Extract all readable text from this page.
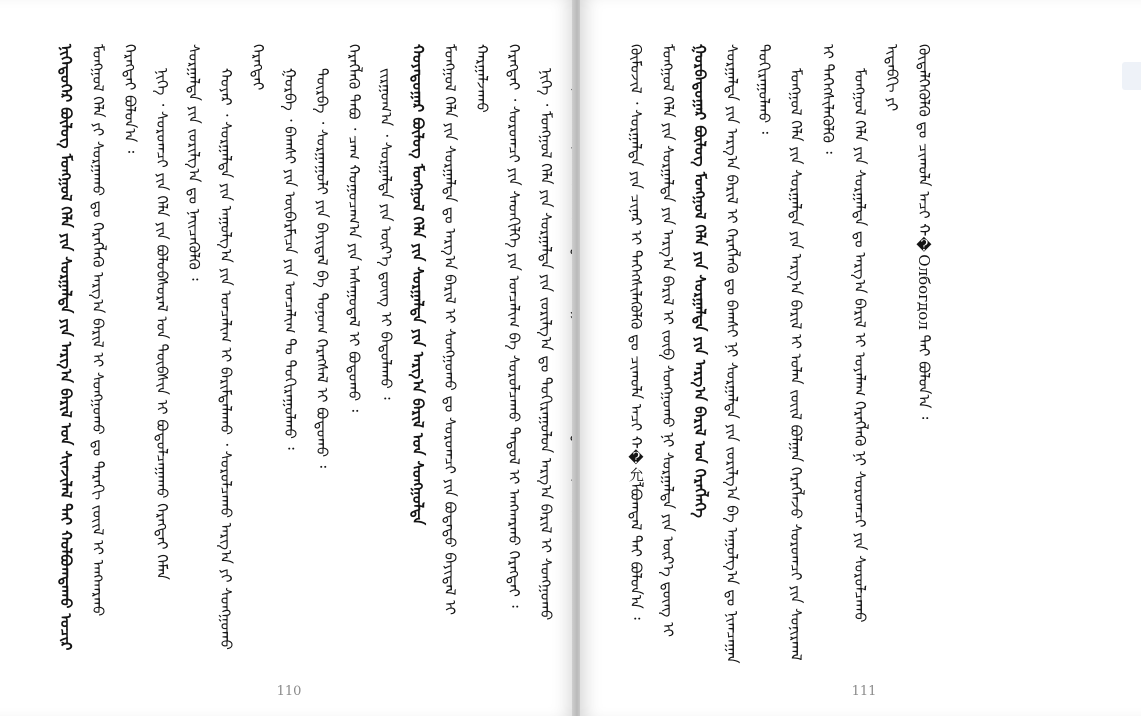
ᠨᠢᠭᠡᠳᠦᠭᠡᠷ ᠪᠦᠯᠦᠭ ᠮᠣᠩᠭᠣᠯ ᠬᠡᠯᠡ ᠶᠢᠨ ᠰᠤᠷᠭᠠᠯᠳᠠ ᠶᠢᠨ ᠠᠷᠭ᠎ᠠ ᠪᠠᠷᠢᠯ ᠤᠨ ᠰᠢᠨᠵᠢᠯᠡᠯ ᠲᠡᠢ ᠬᠣᠯᠪᠣᠭᠳᠠᠬᠤ ᠤᠴᠢᠷ ᠮᠣᠩᠭᠣᠯ ᠬᠡᠯᠡ ᠶᠢ ᠰᠤᠷᠭᠠᠬᠤ ᠳᠤ ᠬᠡᠷᠡᠭᠯᠡᠬᠦ ᠠᠷᠭ᠎ᠠ ᠪᠠᠷᠢᠯ ᠢ ᠰᠣᠩᠭᠣᠬᠤ ᠳᠤ ᠳᠠᠷᠠᠬᠢ ᠵᠦᠢᠯ ᠢ ᠠᠩᠬᠠᠷᠬᠤ ᠬᠡᠷᠡᠭᠲᠡᠢ ᠪᠣᠯᠤᠨ᠎ᠠ ᠄ ᠨᠢᠭᠡ ᠂ ᠰᠤᠷᠤᠭᠴᠢ ᠶᠢᠨ ᠬᠡᠯᠡ ᠶᠢᠨ ᠪᠣᠯᠤᠪᠰᠤᠷᠠᠯ ᠤᠨ ᠲᠦᠪᠰᠢᠨ ᠢ ᠪᠣᠳᠣᠯᠴᠠᠭᠠᠬᠤ ᠬᠡᠷᠡᠭᠲᠡᠢ ᠬᠡᠮᠡᠨ ᠰᠤᠷᠭᠠᠯᠳᠠ ᠶᠢᠨ ᠵᠣᠷᠢᠯᠭ᠎ᠠ ᠳᠤ ᠨᠡᠢᠴᠡᠭᠦᠯᠬᠦ ᠄ ᠬᠣᠶᠠᠷ ᠂ ᠰᠤᠷᠭᠠᠯᠳᠠ ᠶᠢᠨ ᠠᠭᠤᠯᠭ᠎ᠠ ᠶᠢᠨ ᠣᠨᠴᠠᠯᠢᠭ ᠢ ᠪᠠᠷᠢᠮᠲᠠᠯᠠᠬᠤ ᠂ ᠰᠤᠷᠤᠯᠴᠠᠬᠤ ᠠᠷᠭ᠎ᠠ ᠶᠢ ᠰᠣᠩᠭᠣᠬᠤ ᠬᠡᠷᠡᠭᠲᠡᠢ
ᠭᠤᠷᠪᠠ ᠂ ᠪᠠᠭᠰᠢ ᠶᠢᠨ ᠦᠪᠡᠷᠮᠢᠴᠡ ᠶᠢᠨ ᠣᠨᠴᠠᠯᠢᠭ ᠲᠤ ᠲᠣᠬᠢᠷᠠᠭᠤᠯᠬᠤ ᠄ ᠳᠦᠷᠪᠡ ᠂ ᠰᠤᠷᠭᠠᠭᠤᠯᠢ ᠶᠢᠨ ᠪᠠᠶᠢᠳᠠᠯ ᠪᠠ ᠲᠣᠨᠣᠭ ᠬᠡᠷᠡᠭᠰᠡᠯ ᠢ ᠪᠣᠳᠣᠬᠤ ᠄ ᠬᠡᠷᠡᠭᠯᠡᠬᠦ ᠲᠠᠪᠤ ᠂ ᠴᠠᠭ ᠬᠤᠭᠤᠴᠠᠭ᠎ᠠ ᠶᠢᠨ ᠠᠰᠠᠭᠤᠳᠠᠯ ᠢ ᠪᠣᠳᠣᠬᠤ ᠄ ᠵᠢᠷᠭᠤᠭ᠎ᠠ ᠂ ᠰᠤᠷᠭᠠᠯᠳᠠ ᠶᠢᠨ ᠦᠷ᠎ᠡ ᠳ᠋ᠦᠩ ᠢ ᠪᠠᠲᠤᠯᠠᠬᠤ ᠄ ᠬᠣᠶᠠᠳᠤᠭᠠᠷ ᠪᠦᠯᠦᠭ ᠮᠣᠩᠭᠣᠯ ᠬᠡᠯᠡ ᠶᠢᠨ ᠰᠤᠷᠭᠠᠯᠳᠠ ᠶᠢᠨ ᠠᠷᠭ᠎ᠠ ᠪᠠᠷᠢᠯ ᠤᠨ ᠰᠣᠩᠭᠣᠯᠲᠠ ᠮᠣᠩᠭᠣᠯ ᠬᠡᠯᠡ ᠶᠢᠨ ᠰᠤᠷᠭᠠᠯᠳᠠ ᠳᠤ ᠠᠷᠭ᠎ᠠ ᠪᠠᠷᠢᠯ ᠢ ᠰᠣᠩᠭᠣᠬᠤ ᠳᠤ ᠰᠤᠷᠤᠭᠴᠢ ᠶᠢᠨ ᠪᠣᠳᠠᠲᠤ ᠪᠠᠶᠢᠳᠠᠯ ᠢ ᠬᠠᠷᠭᠠᠯᠵᠠᠬᠤ ᠬᠡᠷᠡᠭᠲᠡᠢ ᠂ ᠰᠤᠷᠤᠭᠴᠢ ᠶᠢᠨ ᠰᠡᠳᠬᠢᠯᠭᠡ ᠶᠢᠨ ᠣᠨᠴᠠᠯᠢᠭ ᠪᠠ ᠰᠤᠷᠤᠯᠴᠠᠬᠤ ᠳᠠᠳᠤᠯ ᠢ ᠠᠩᠬᠠᠷᠬᠤ ᠬᠡᠷᠡᠭᠲᠡᠢ ᠄ ᠨᠢᠭᠡ ᠂ ᠮᠣᠩᠭᠣᠯ ᠬᠡᠯᠡ ᠶᠢᠨ ᠰᠤᠷᠭᠠᠯᠳᠠ ᠶᠢᠨ ᠵᠣᠷᠢᠯᠭ᠎ᠠ ᠳᠤ ᠲᠣᠬᠢᠷᠠᠭᠤᠯᠤᠨ ᠠᠷᠭ᠎ᠠ ᠪᠠᠷᠢᠯ ᠢ ᠰᠣᠩᠭᠣᠬᠤ
110
ᠬᠦᠮᠦᠵᠢᠯ ᠂ ᠰᠤᠷᠭᠠᠯᠳᠠ ᠶᠢᠨ ᠴᠢᠨᠠᠷ ᠢ ᠳᠡᠭᠡᠭᠰᠢᠯᠡᠭᠦᠯᠬᠦ ᠳᠤ ᠴᠢᠬᠤᠯᠠ ᠠᠴᠢ ᠬ�允ᠯᠪᠣᠭᠳᠠᠯ ᠲᠠᠢ ᠪᠣᠯᠤᠨ᠎ᠠ ᠄ ᠮᠣᠩᠭᠣᠯ ᠬᠡᠯᠡ ᠶᠢᠨ ᠰᠤᠷᠭᠠᠯᠳᠠ ᠶᠢᠨ ᠠᠷᠭ᠎ᠠ ᠪᠠᠷᠢᠯ ᠢ ᠵᠥᠪ ᠰᠣᠩᠭᠣᠬᠤ ᠨᠢ ᠰᠤᠷᠭᠠᠯᠳᠠ ᠶᠢᠨ ᠦᠷ᠎ᠡ ᠳ᠋ᠦᠩ ᠢ ᠭᠤᠷᠪᠠᠳᠤᠭᠠᠷ ᠪᠦᠯᠦᠭ ᠮᠣᠩᠭᠣᠯ ᠬᠡᠯᠡ ᠶᠢᠨ ᠰᠤᠷᠭᠠᠯᠳᠠ ᠶᠢᠨ ᠠᠷᠭ᠎ᠠ ᠪᠠᠷᠢᠯ ᠤᠨ ᠬᠡᠷᠡᠭᠯᠡᠭᠡ ᠰᠤᠷᠭᠠᠯᠳᠠ ᠶᠢᠨ ᠠᠷᠭ᠎ᠠ ᠪᠠᠷᠢᠯ ᠢ ᠬᠡᠷᠡᠭᠯᠡᠬᠦ ᠳᠤ ᠪᠠᠭᠰᠢ ᠨᠢ ᠰᠤᠷᠭᠠᠯᠳᠠ ᠶᠢᠨ ᠵᠣᠷᠢᠯᠭ᠎ᠠ ᠪᠠ ᠠᠭᠤᠯᠭ᠎ᠠ ᠳᠤ ᠨᠢᠭᠴᠠᠭᠠᠨ ᠲᠤᠬᠢᠷᠠᠭᠤᠯᠬᠤ ᠄ ᠮᠣᠩᠭᠣᠯ ᠬᠡᠯᠡ ᠶᠢᠨ ᠰᠤᠷᠭᠠᠯᠳᠠ ᠶᠢᠨ ᠠᠷᠭ᠎ᠠ ᠪᠠᠷᠢᠯ ᠢ ᠣᠯᠠᠨ ᠵᠦᠢᠯ ᠪᠣᠯᠭᠠᠨ ᠬᠡᠷᠡᠭᠯᠡᠵᠦ ᠰᠤᠷᠤᠭᠴᠢ ᠶᠢᠨ ᠰᠣᠨᠢᠷᠬᠠᠯ ᠢ ᠳᠡᠭᠡᠭᠰᠢᠯᠡᠭᠦᠯᠬᠦ ᠄ ᠮᠣᠩᠭᠣᠯ ᠬᠡᠯᠡ ᠶᠢᠨ ᠰᠤᠷᠭᠠᠯᠳᠠ ᠳᠤ ᠠᠷᠭ᠎ᠠ ᠪᠠᠷᠢᠯ ᠢ ᠤᠶᠠᠯᠠᠭ ᠬᠡᠷᠡᠭᠯᠡᠬᠦ ᠨᠢ ᠰᠤᠷᠤᠭᠴᠢ ᠶᠢᠨ ᠰᠤᠷᠤᠯᠴᠠᠬᠤ ᠢᠳᠡᠪᠬᠢ ᠶᠢ ᠬᠥᠳᠡᠯᠭᠡᠭᠦᠯᠬᠦ ᠳᠤ ᠴᠢᠬᠤᠯᠠ ᠠᠴᠢ ᠬ�Олбогдол ᠲᠠᠢ ᠪᠣᠯᠤᠨ᠎ᠠ ᠄
111
